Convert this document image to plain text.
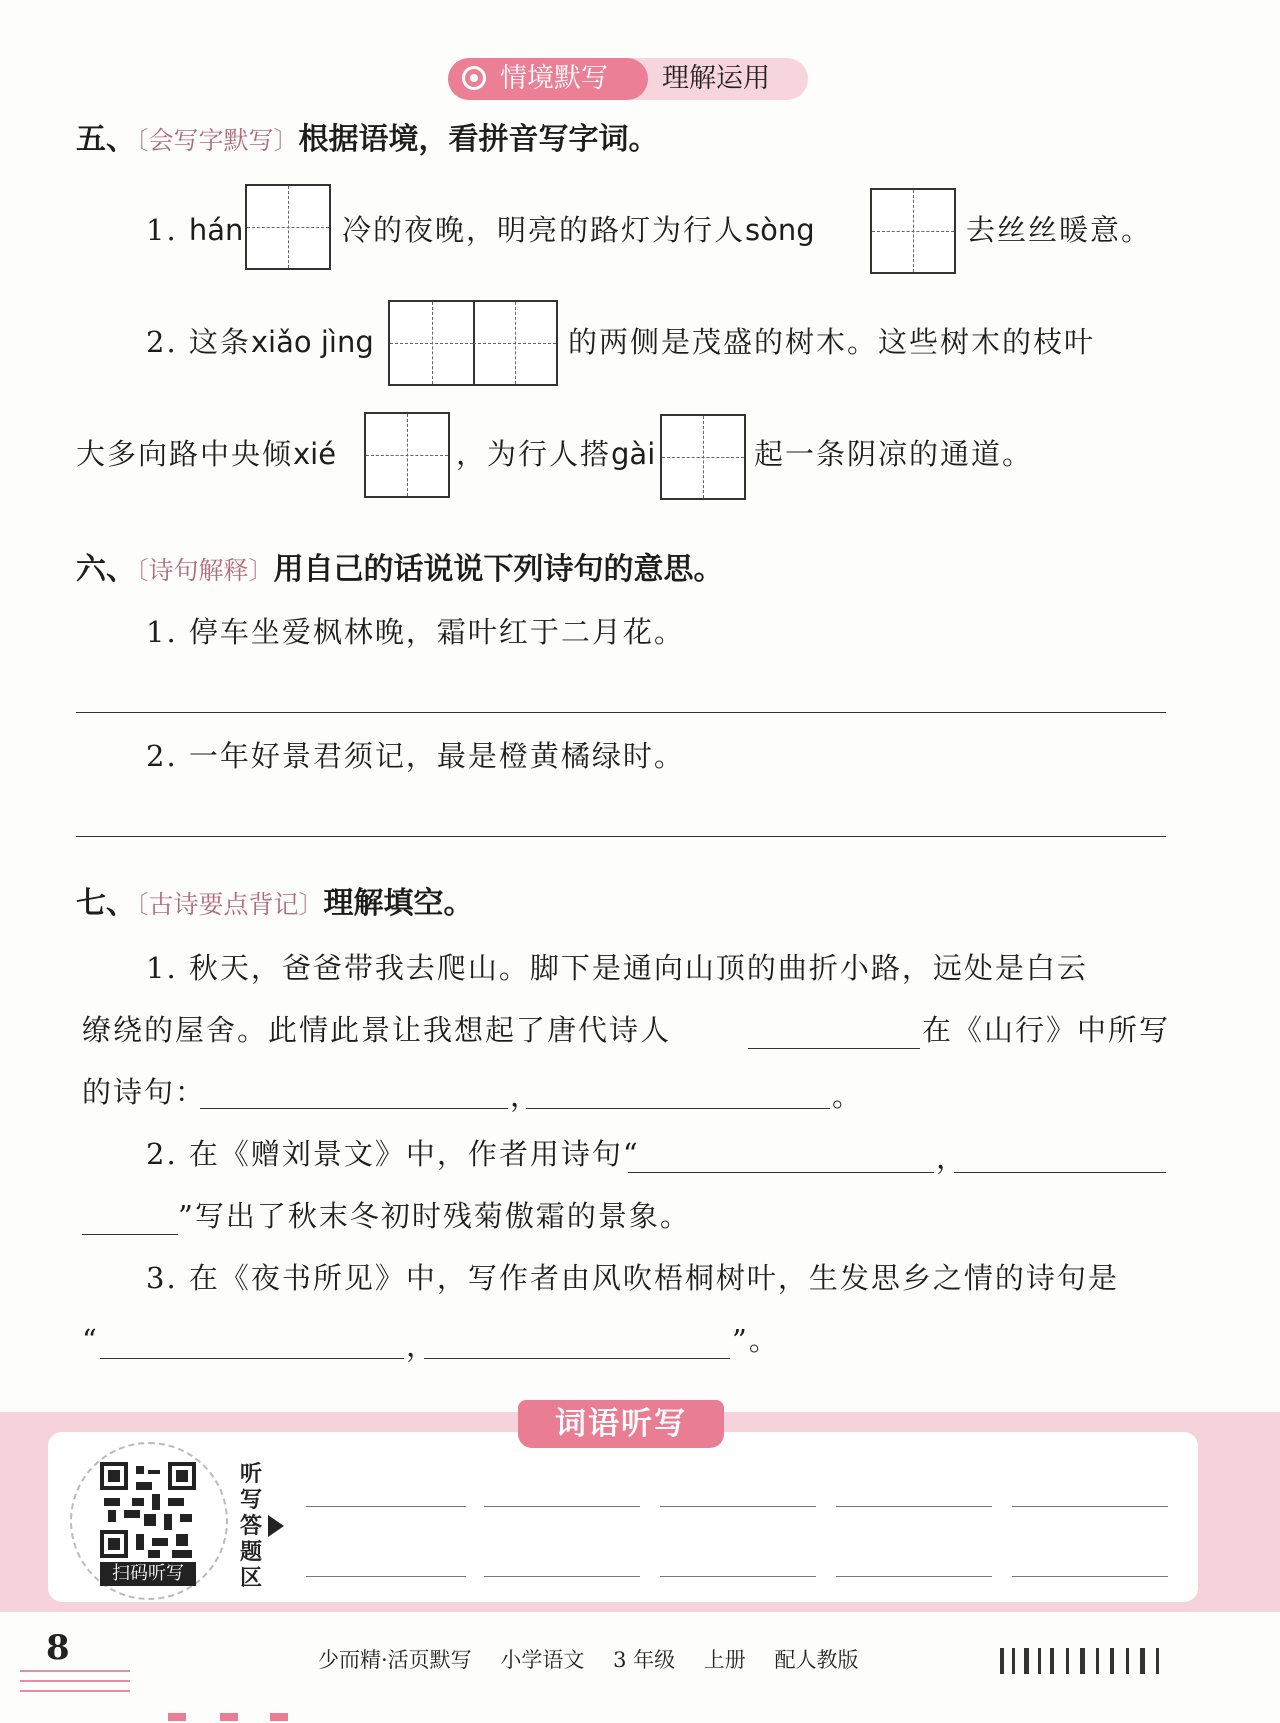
情境默写 理解运用
五、〔会写字默写〕根据语境，看拼音写字词。
1. hán	冷的夜晚，明亮的路灯为行人sòng	去丝丝暖意。
2. 这条xiǎo jìng	的两侧是茂盛的树木。这些树木的枝叶
大多向路中央倾xié	，为行人搭gài	起一条阴凉的通道。
六、〔诗句解释〕用自己的话说说下列诗句的意思。
1. 停车坐爱枫林晚，霜叶红于二月花。
2. 一年好景君须记，最是橙黄橘绿时。
七、〔古诗要点背记〕理解填空。
1. 秋天，爸爸带我去爬山。脚下是通向山顶的曲折小路，远处是白云
缭绕的屋舍。此情此景让我想起了唐代诗人	在《山行》中所写
的诗句：	，	。
2. 在《赠刘景文》中，作者用诗句“	，
”写出了秋末冬初时残菊傲霜的景象。
3. 在《夜书所见》中，写作者由风吹梧桐树叶，生发思乡之情的诗句是
“	，	”。
词语听写
扫码听写
听写答题区
8	少而精·活页默写 小学语文 3 年级 上册 配人教版
